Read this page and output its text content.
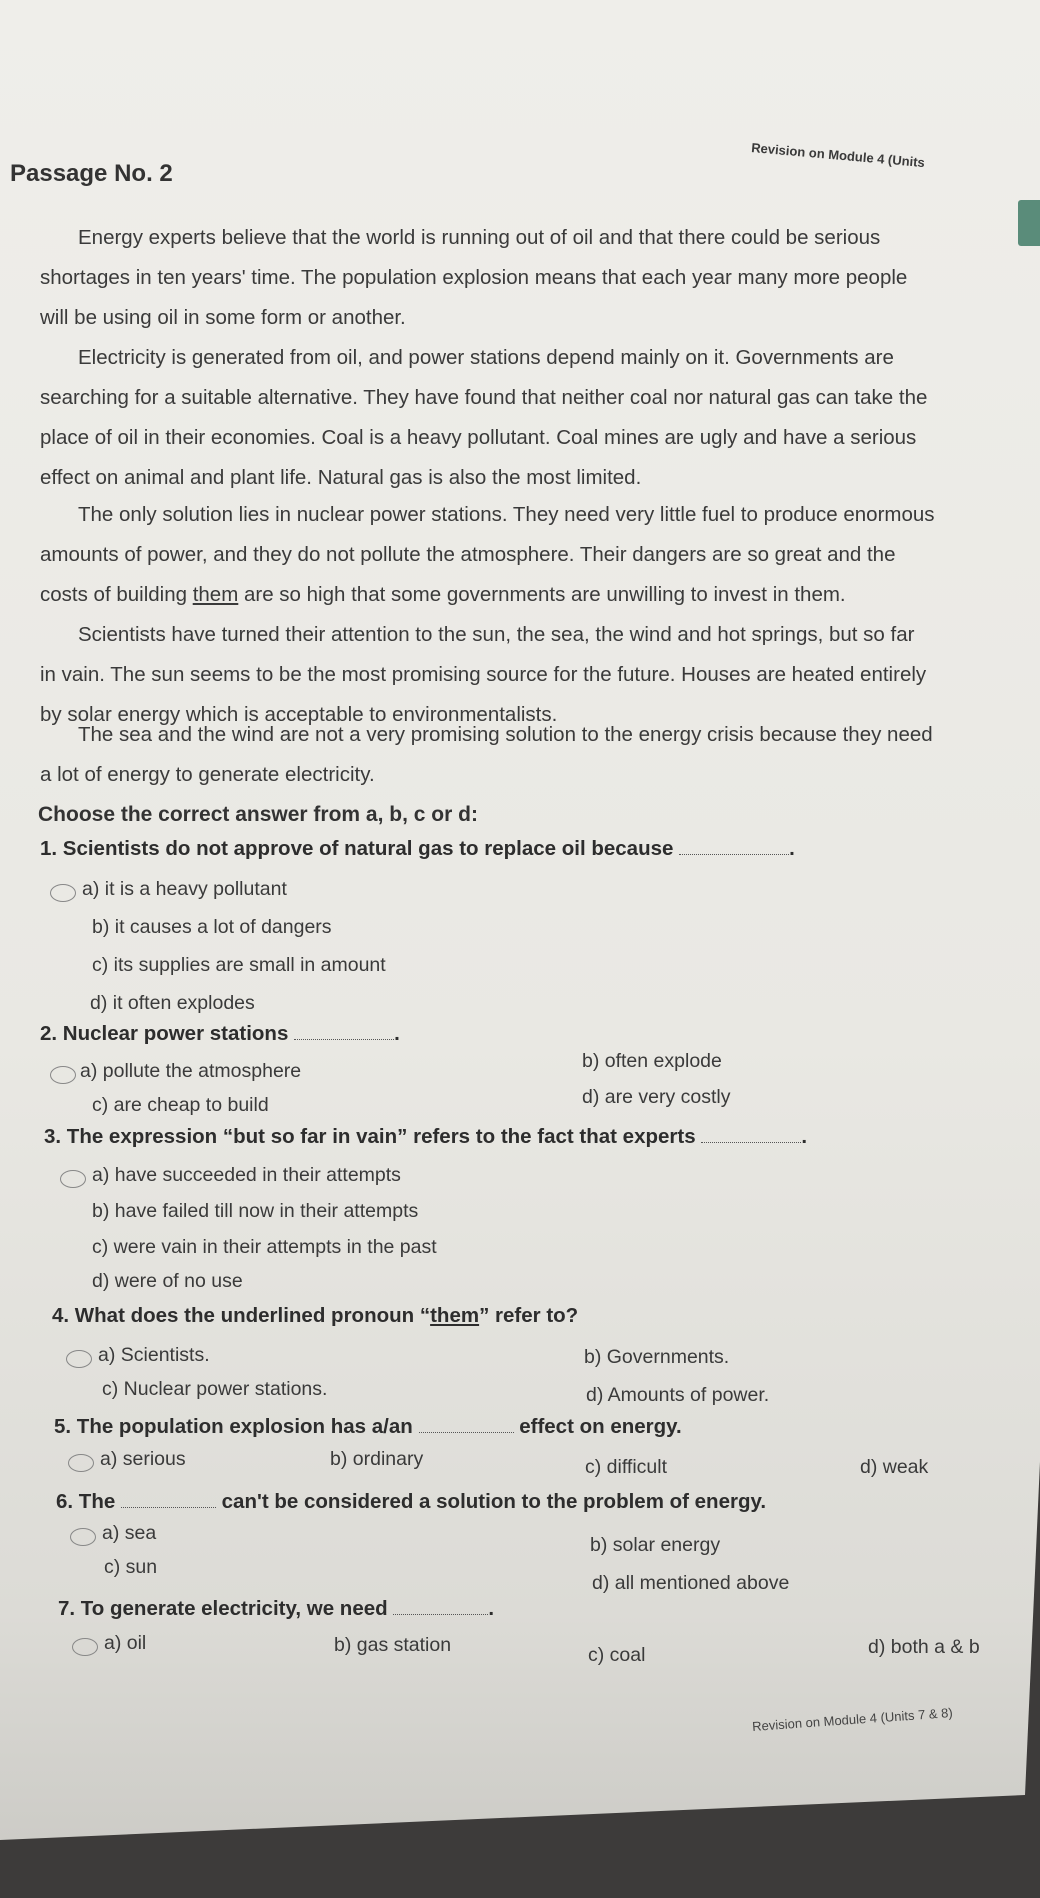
Revision on Module 4 (Units
Passage No. 2

Energy experts believe that the world is running out of oil and that there could be serious

shortages in ten years' time. The population explosion means that each year many more people

will be using oil in some form or another.

Electricity is generated from oil, and power stations depend mainly on it. Governments are

searching for a suitable alternative. They have found that neither coal nor natural gas can take the

place of oil in their economies. Coal is a heavy pollutant. Coal mines are ugly and have a serious

effect on animal and plant life. Natural gas is also the most limited.

The only solution lies in nuclear power stations. They need very little fuel to produce enormous

amounts of power, and they do not pollute the atmosphere. Their dangers are so great and the

costs of building them are so high that some governments are unwilling to invest in them.

Scientists have turned their attention to the sun, the sea, the wind and hot springs, but so far

in vain. The sun seems to be the most promising source for the future. Houses are heated entirely

by solar energy which is acceptable to environmentalists.

The sea and the wind are not a very promising solution to the energy crisis because they need

a lot of energy to generate electricity.

Choose the correct answer from a, b, c or d:
1. Scientists do not approve of natural gas to replace oil because	.
a) it is a heavy pollutant
b) it causes a lot of dangers
c) its supplies are small in amount
d) it often explodes
2. Nuclear power stations	.
a) pollute the atmosphere	b) often explode
c) are cheap to build	d) are very costly
3. The expression “but so far in vain” refers to the fact that experts	.
a) have succeeded in their attempts
b) have failed till now in their attempts
c) were vain in their attempts in the past
d) were of no use
4. What does the underlined pronoun “them” refer to?
a) Scientists.	b) Governments.
c) Nuclear power stations.	d) Amounts of power.
5. The population explosion has a/an	effect on energy.
a) serious	b) ordinary	c) difficult	d) weak
6. The	can't be considered a solution to the problem of energy.
a) sea
b) solar energy
c) sun
d) all mentioned above
7. To generate electricity, we need	.
a) oil	b) gas station	c) coal	d) both a & b
Revision on Module 4 (Units 7 & 8)
